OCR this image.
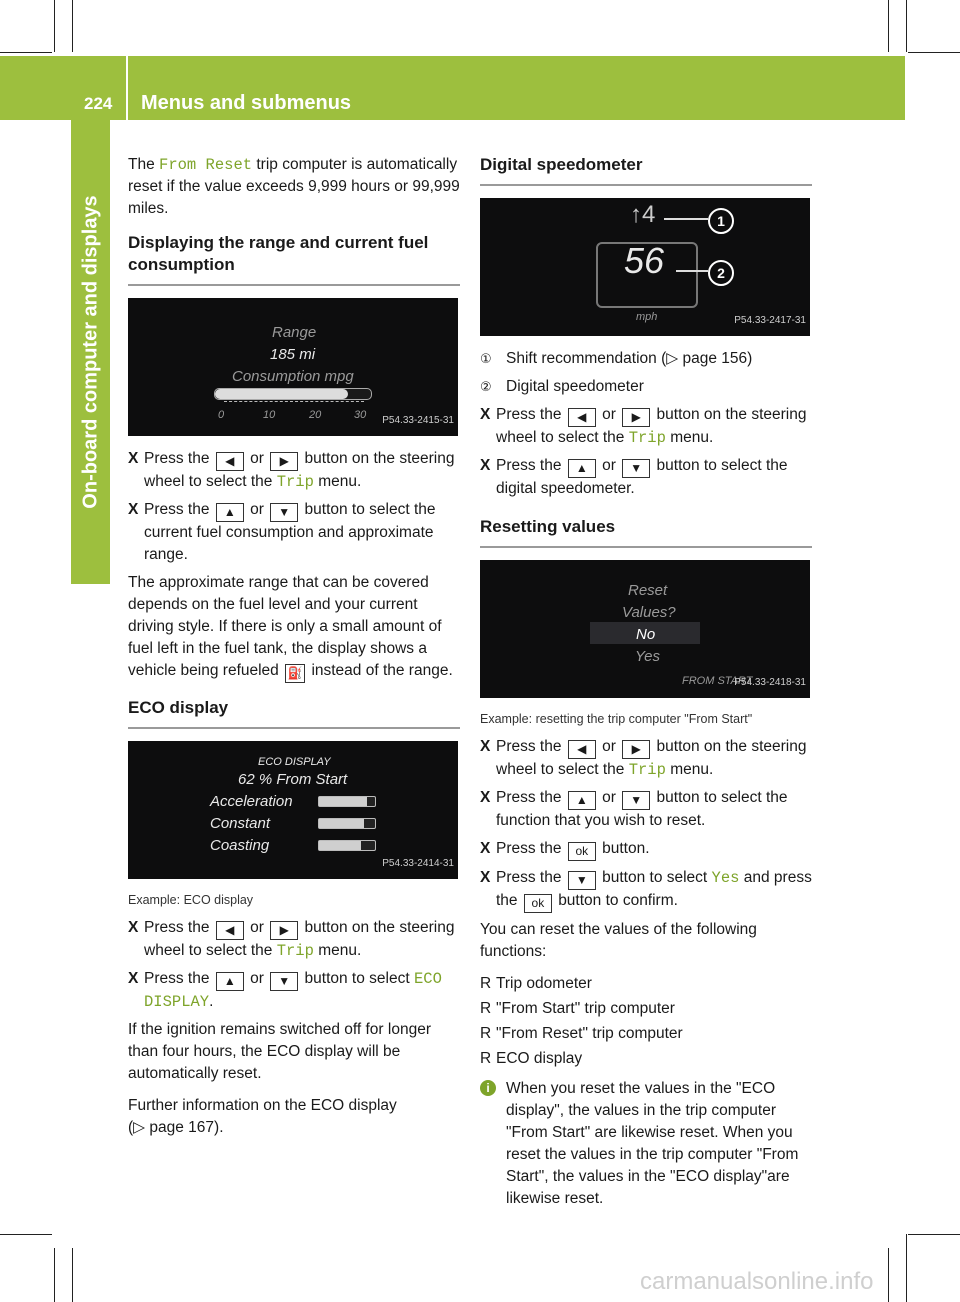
224 Menus and submenus
On-board computer and displays

The From Reset trip computer is automatically reset if the value exceeds 9,999 hours or 99,999 miles.

Displaying the range and current fuel consumption
Range
185 mi
Consumption mpg
0	10	20	30 P54.33-2415-31
X Press the ◀ or ▶ button on the steering wheel to select the Trip menu.
X Press the ▲ or ▼ button to select the current fuel consumption and approximate range.

The approximate range that can be covered depends on the fuel level and your current driving style. If there is only a small amount of fuel left in the fuel tank, the display shows a vehicle being refueled ⛽ instead of the range.

ECO display
ECO DISPLAY
62 % From Start
Acceleration
Constant
Coasting
P54.33-2414-31
Example: ECO display
X Press the ◀ or ▶ button on the steering wheel to select the Trip menu.
X Press the ▲ or ▼ button to select ECO DISPLAY.

If the ignition remains switched off for longer than four hours, the ECO display will be automatically reset.

Further information on the ECO display
(▷ page 167).

Digital speedometer
↑4
56
mph
1
2
P54.33-2417-31
① Shift recommendation (▷ page 156)
② Digital speedometer
X Press the ◀ or ▶ button on the steering wheel to select the Trip menu.
X Press the ▲ or ▼ button to select the digital speedometer.
Resetting values
Reset
Values?
No
Yes
FROM START
P54.33-2418-31
Example: resetting the trip computer "From Start"
X Press the ◀ or ▶ button on the steering wheel to select the Trip menu.
X Press the ▲ or ▼ button to select the function that you wish to reset.
X Press the ok button.
X Press the ▼ button to select Yes and press the ok button to confirm.

You can reset the values of the following functions:

R Trip odometer
R "From Start" trip computer
R "From Reset" trip computer
R ECO display
i	When you reset the values in the "ECO display", the values in the trip computer "From Start" are likewise reset. When you reset the values in the trip computer "From Start", the values in the "ECO display"are likewise reset.
carmanualsonline.info
